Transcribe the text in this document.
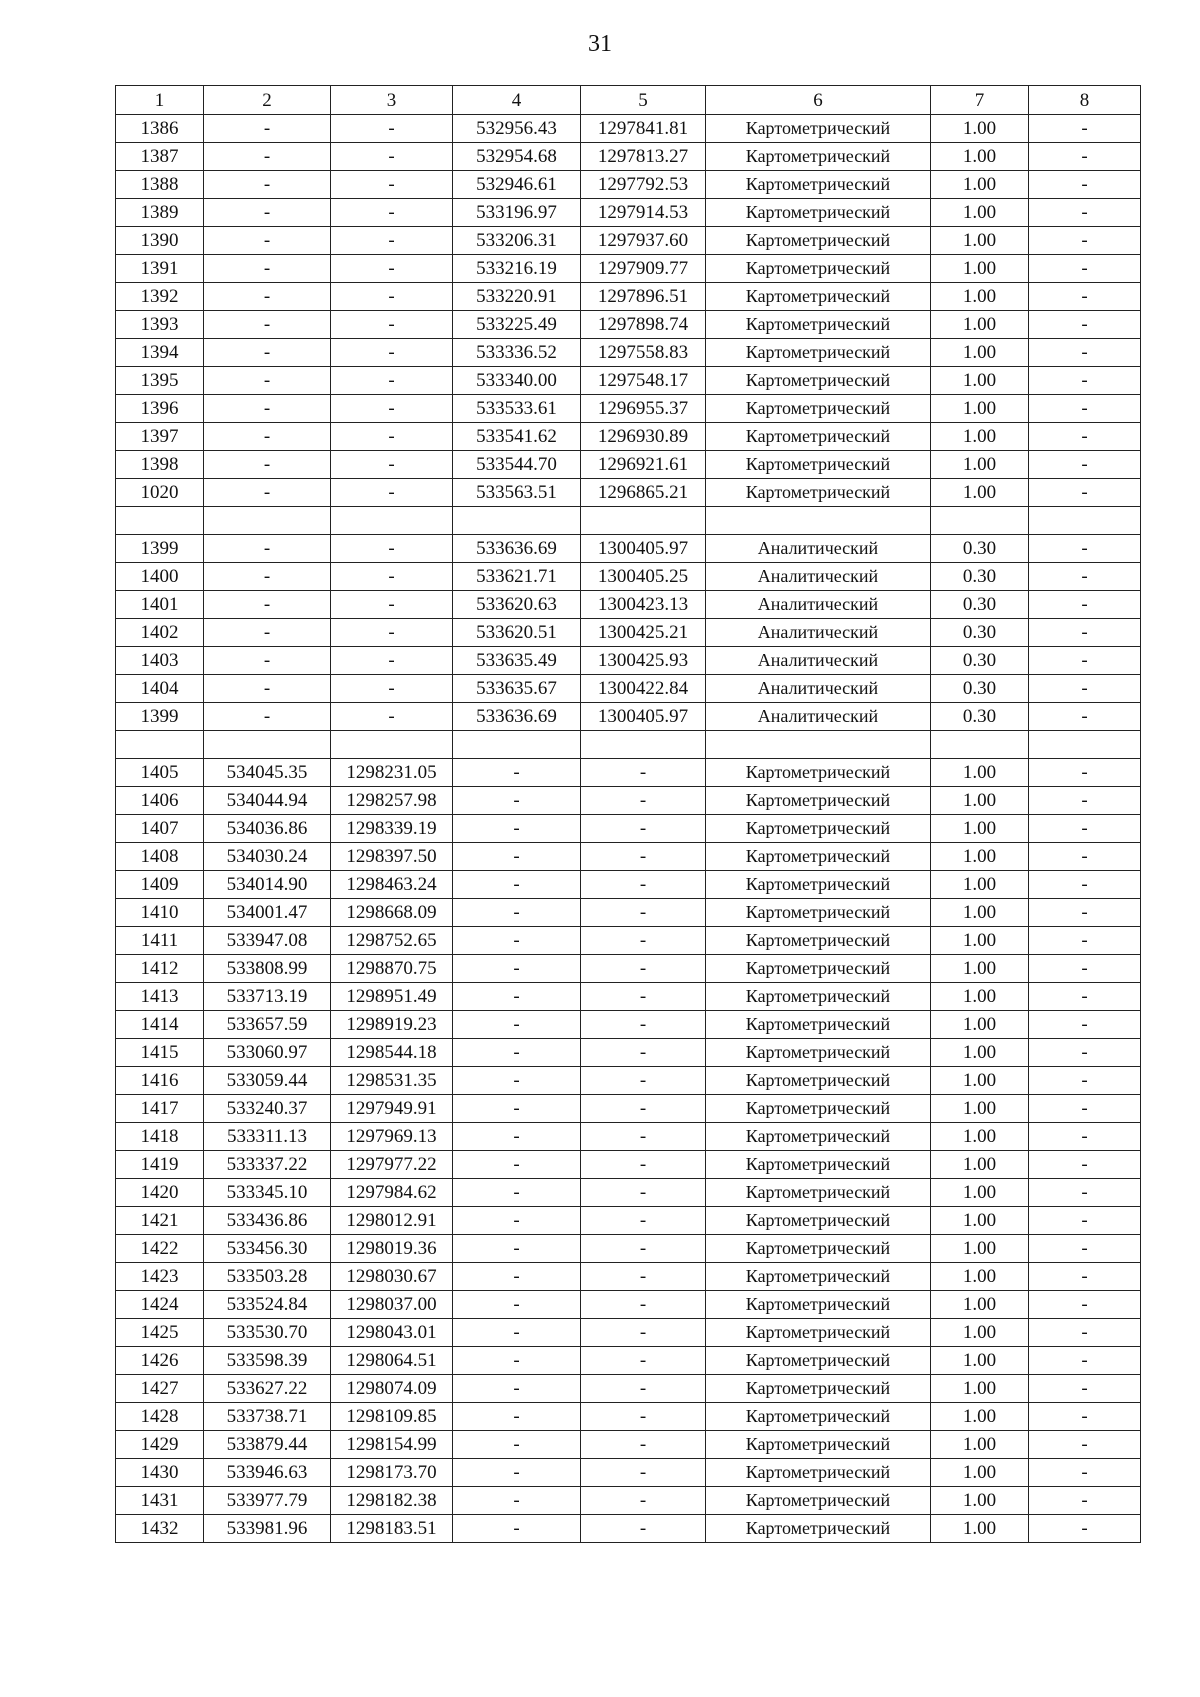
31
1	2	3	4	5	6	7	8
1386	-	-	532956.43	1297841.81	Картометрический	1.00	-
1387	-	-	532954.68	1297813.27	Картометрический	1.00	-
1388	-	-	532946.61	1297792.53	Картометрический	1.00	-
1389	-	-	533196.97	1297914.53	Картометрический	1.00	-
1390	-	-	533206.31	1297937.60	Картометрический	1.00	-
1391	-	-	533216.19	1297909.77	Картометрический	1.00	-
1392	-	-	533220.91	1297896.51	Картометрический	1.00	-
1393	-	-	533225.49	1297898.74	Картометрический	1.00	-
1394	-	-	533336.52	1297558.83	Картометрический	1.00	-
1395	-	-	533340.00	1297548.17	Картометрический	1.00	-
1396	-	-	533533.61	1296955.37	Картометрический	1.00	-
1397	-	-	533541.62	1296930.89	Картометрический	1.00	-
1398	-	-	533544.70	1296921.61	Картометрический	1.00	-
1020	-	-	533563.51	1296865.21	Картометрический	1.00	-

1399	-	-	533636.69	1300405.97	Аналитический	0.30	-
1400	-	-	533621.71	1300405.25	Аналитический	0.30	-
1401	-	-	533620.63	1300423.13	Аналитический	0.30	-
1402	-	-	533620.51	1300425.21	Аналитический	0.30	-
1403	-	-	533635.49	1300425.93	Аналитический	0.30	-
1404	-	-	533635.67	1300422.84	Аналитический	0.30	-
1399	-	-	533636.69	1300405.97	Аналитический	0.30	-

1405	534045.35	1298231.05	-	-	Картометрический	1.00	-
1406	534044.94	1298257.98	-	-	Картометрический	1.00	-
1407	534036.86	1298339.19	-	-	Картометрический	1.00	-
1408	534030.24	1298397.50	-	-	Картометрический	1.00	-
1409	534014.90	1298463.24	-	-	Картометрический	1.00	-
1410	534001.47	1298668.09	-	-	Картометрический	1.00	-
1411	533947.08	1298752.65	-	-	Картометрический	1.00	-
1412	533808.99	1298870.75	-	-	Картометрический	1.00	-
1413	533713.19	1298951.49	-	-	Картометрический	1.00	-
1414	533657.59	1298919.23	-	-	Картометрический	1.00	-
1415	533060.97	1298544.18	-	-	Картометрический	1.00	-
1416	533059.44	1298531.35	-	-	Картометрический	1.00	-
1417	533240.37	1297949.91	-	-	Картометрический	1.00	-
1418	533311.13	1297969.13	-	-	Картометрический	1.00	-
1419	533337.22	1297977.22	-	-	Картометрический	1.00	-
1420	533345.10	1297984.62	-	-	Картометрический	1.00	-
1421	533436.86	1298012.91	-	-	Картометрический	1.00	-
1422	533456.30	1298019.36	-	-	Картометрический	1.00	-
1423	533503.28	1298030.67	-	-	Картометрический	1.00	-
1424	533524.84	1298037.00	-	-	Картометрический	1.00	-
1425	533530.70	1298043.01	-	-	Картометрический	1.00	-
1426	533598.39	1298064.51	-	-	Картометрический	1.00	-
1427	533627.22	1298074.09	-	-	Картометрический	1.00	-
1428	533738.71	1298109.85	-	-	Картометрический	1.00	-
1429	533879.44	1298154.99	-	-	Картометрический	1.00	-
1430	533946.63	1298173.70	-	-	Картометрический	1.00	-
1431	533977.79	1298182.38	-	-	Картометрический	1.00	-
1432	533981.96	1298183.51	-	-	Картометрический	1.00	-
